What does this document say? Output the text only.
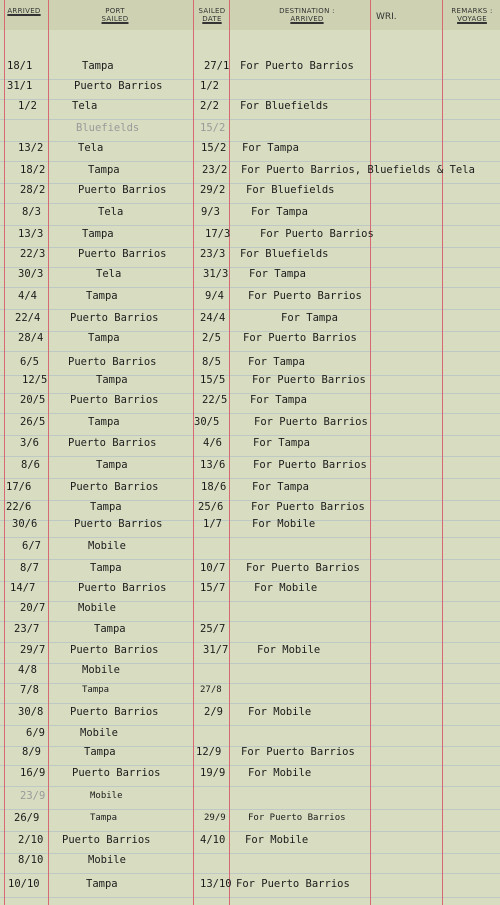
ARRIVED	PORT
SAILED
SAILED
DATE
DESTINATION :
ARRIVED	WRI.
REMARKS :
VOYAGE
18/1	Tampa	27/1 For Puerto Barrios
31/1	Puerto Barrios	1/2
1/2	Tela	2/2 For Bluefields
Bluefields	15/2
13/2	Tela	15/2 For Tampa
18/2	Tampa	23/2 For Puerto Barrios, Bluefields & Tela
28/2	Puerto Barrios	29/2 For Bluefields
8/3	Tela	9/3	For Tampa
13/3	Tampa	17/3	For Puerto Barrios
22/3	Puerto Barrios	23/3 For Bluefields
30/3	Tela	31/3 For Tampa
4/4	Tampa	9/4 For Puerto Barrios
22/4	Puerto Barrios	24/4	For Tampa
28/4	Tampa	2/5 For Puerto Barrios
6/5	Puerto Barrios	8/5	For Tampa
12/5	Tampa	15/5	For Puerto Barrios
20/5 Puerto Barrios	22/5 For Tampa
26/5	Tampa	30/5	For Puerto Barrios
3/6	Puerto Barrios	4/6	For Tampa
8/6	Tampa	13/6	For Puerto Barrios
17/6	Puerto Barrios	18/6 For Tampa
22/6	Tampa	25/6	For Puerto Barrios
30/6	Puerto Barrios	1/7	For Mobile
6/7	Mobile
8/7	Tampa	10/7 For Puerto Barrios
14/7	Puerto Barrios	15/7	For Mobile
20/7	Mobile
23/7	Tampa	25/7
29/7 Puerto Barrios	31/7	For Mobile
4/8	Mobile
7/8	Tampa	27/8
30/8	Puerto Barrios	2/9 For Mobile
6/9	Mobile
8/9	Tampa	12/9 For Puerto Barrios
16/9	Puerto Barrios	19/9 For Mobile
23/9	Mobile
26/9	Tampa	29/9 For Puerto Barrios
2/10 Puerto Barrios	4/10 For Mobile
8/10	Mobile
10/10	Tampa	13/10 For Puerto Barrios
